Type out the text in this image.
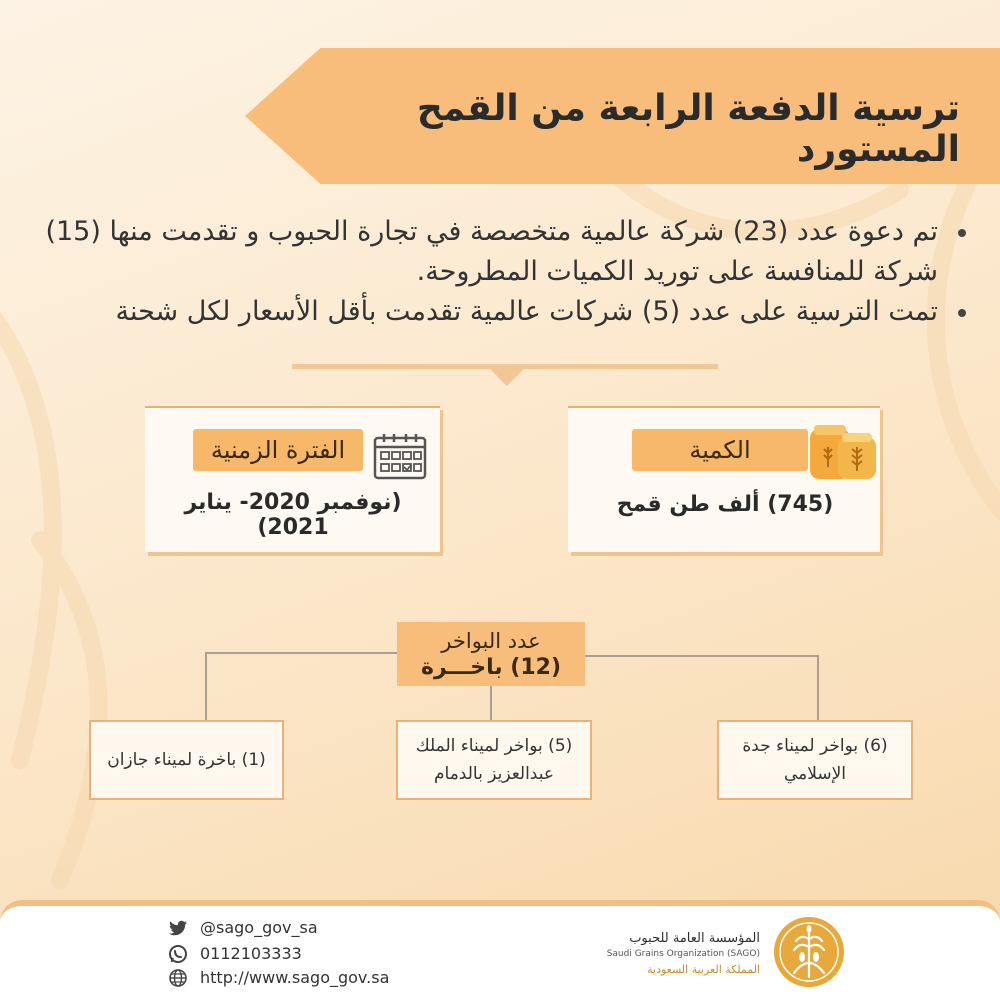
ترسية الدفعة الرابعة من القمح المستورد
تم دعوة عدد (23) شركة عالمية متخصصة في تجارة الحبوب و تقدمت منها (15) شركة للمنافسة على توريد الكميات المطروحة.
تمت الترسية على عدد (5) شركات عالمية تقدمت بأقل الأسعار لكل شحنة
الكمية
(745) ألف طن قمح
الفترة الزمنية
(نوفمبر 2020- يناير 2021)
عدد البواخر
(12) باخـــرة
(6) بواخر لميناء جدة
الإسلامي
(5) بواخر لميناء الملك
عبدالعزيز بالدمام
(1) باخرة لميناء جازان
@sago_gov_sa
0112103333
http://www.sago_gov.sa
المؤسسة العامة للحبوب
Saudi Grains Organization (SAGO)
المملكة العربية السعودية
